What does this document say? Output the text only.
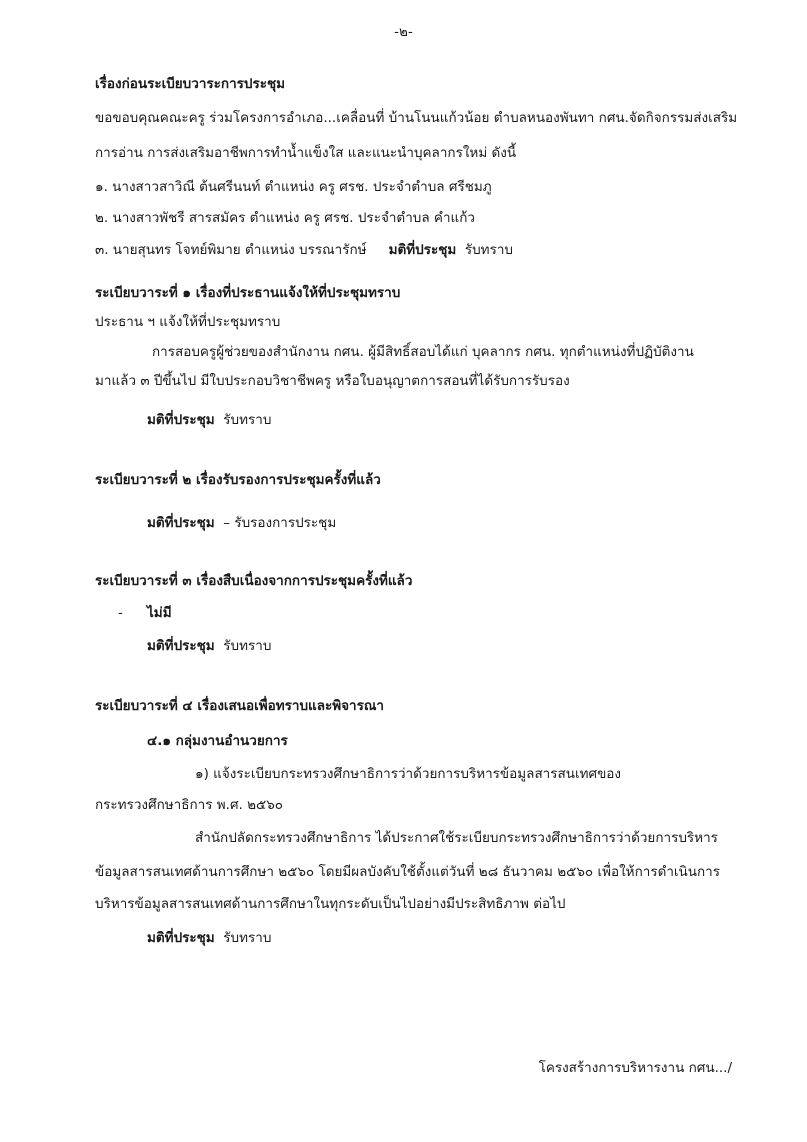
-๒-
เรื่องก่อนระเบียบวาระการประชุม
ขอขอบคุณคณะครู ร่วมโครงการอำเภอ...เคลื่อนที่ บ้านโนนแก้วน้อย ตำบลหนองพันทา กศน.จัดกิจกรรมส่งเสริม
การอ่าน การส่งเสริมอาชีพการทำน้ำแข็งใส และแนะนำบุคลากรใหม่ ดังนี้
๑. นางสาวสาวิณี ต้นศรีนนท์ ตำแหน่ง ครู ศรช. ประจำตำบล ศรีชมภู
๒. นางสาวพัชรี สารสมัคร ตำแหน่ง ครู ศรช. ประจำตำบล คำแก้ว
๓. นายสุนทร โจทย์พิมาย ตำแหน่ง บรรณารักษ์ มติที่ประชุม รับทราบ
ระเบียบวาระที่ ๑ เรื่องที่ประธานแจ้งให้ที่ประชุมทราบ
ประธาน ฯ แจ้งให้ที่ประชุมทราบ
การสอบครูผู้ช่วยของสำนักงาน กศน. ผู้มีสิทธิ์สอบได้แก่ บุคลากร กศน. ทุกตำแหน่งที่ปฏิบัติงาน
มาแล้ว ๓ ปีขึ้นไป มีใบประกอบวิชาชีพครู หรือใบอนุญาตการสอนที่ได้รับการรับรอง
มติที่ประชุม รับทราบ
ระเบียบวาระที่ ๒ เรื่องรับรองการประชุมครั้งที่แล้ว
มติที่ประชุม – รับรองการประชุม
ระเบียบวาระที่ ๓ เรื่องสืบเนื่องจากการประชุมครั้งที่แล้ว
- ไม่มี
มติที่ประชุม รับทราบ
ระเบียบวาระที่ ๔ เรื่องเสนอเพื่อทราบและพิจารณา
๔.๑ กลุ่มงานอำนวยการ
๑) แจ้งระเบียบกระทรวงศึกษาธิการว่าด้วยการบริหารข้อมูลสารสนเทศของ
กระทรวงศึกษาธิการ พ.ศ. ๒๕๖๐
สำนักปลัดกระทรวงศึกษาธิการ ได้ประกาศใช้ระเบียบกระทรวงศึกษาธิการว่าด้วยการบริหาร
ข้อมูลสารสนเทศด้านการศึกษา ๒๕๖๐ โดยมีผลบังคับใช้ตั้งแต่วันที่ ๒๘ ธันวาคม ๒๕๖๐ เพื่อให้การดำเนินการ
บริหารข้อมูลสารสนเทศด้านการศึกษาในทุกระดับเป็นไปอย่างมีประสิทธิภาพ ต่อไป
มติที่ประชุม รับทราบ
โครงสร้างการบริหารงาน กศน.../
